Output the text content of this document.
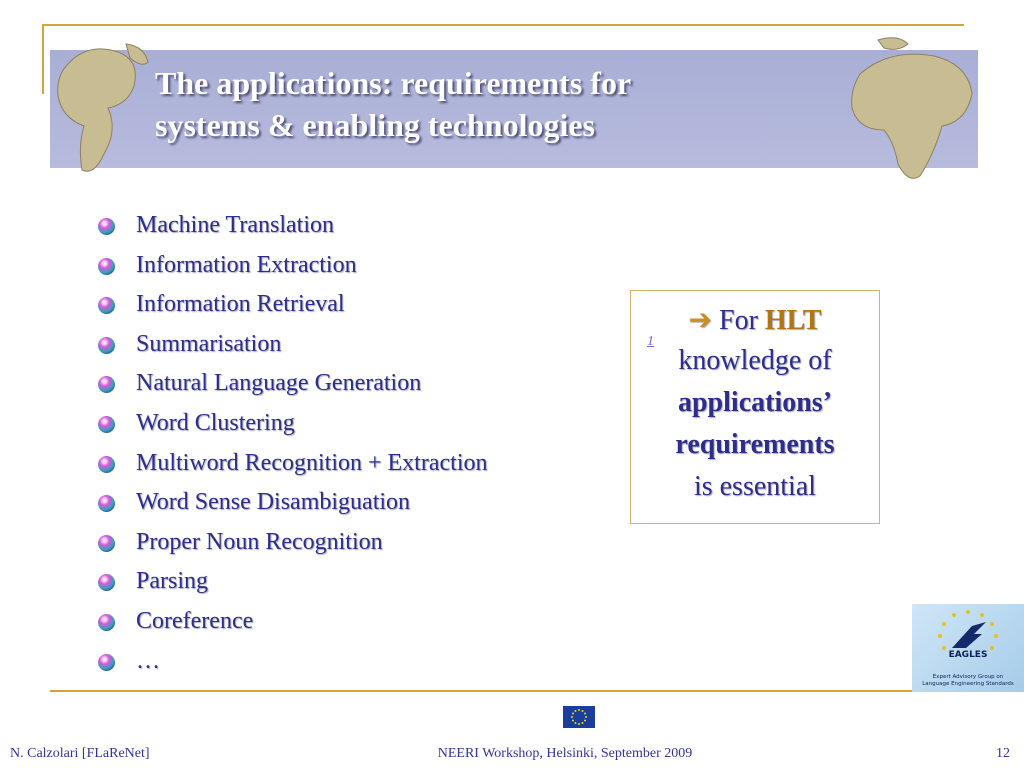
The applications: requirements for
systems & enabling technologies
Machine Translation
Information Extraction
Information Retrieval
Summarisation
Natural Language Generation
Word Clustering
Multiword Recognition + Extraction
Word Sense Disambiguation
Proper Noun Recognition
Parsing
Coreference
…
1
➔ For HLT
knowledge of
applications’
requirements
is essential
EAGLES
Expert Advisory Group on
Language Engineering Standards
N. Calzolari [FLaReNet]	NEERI Workshop, Helsinki, September 2009	12
